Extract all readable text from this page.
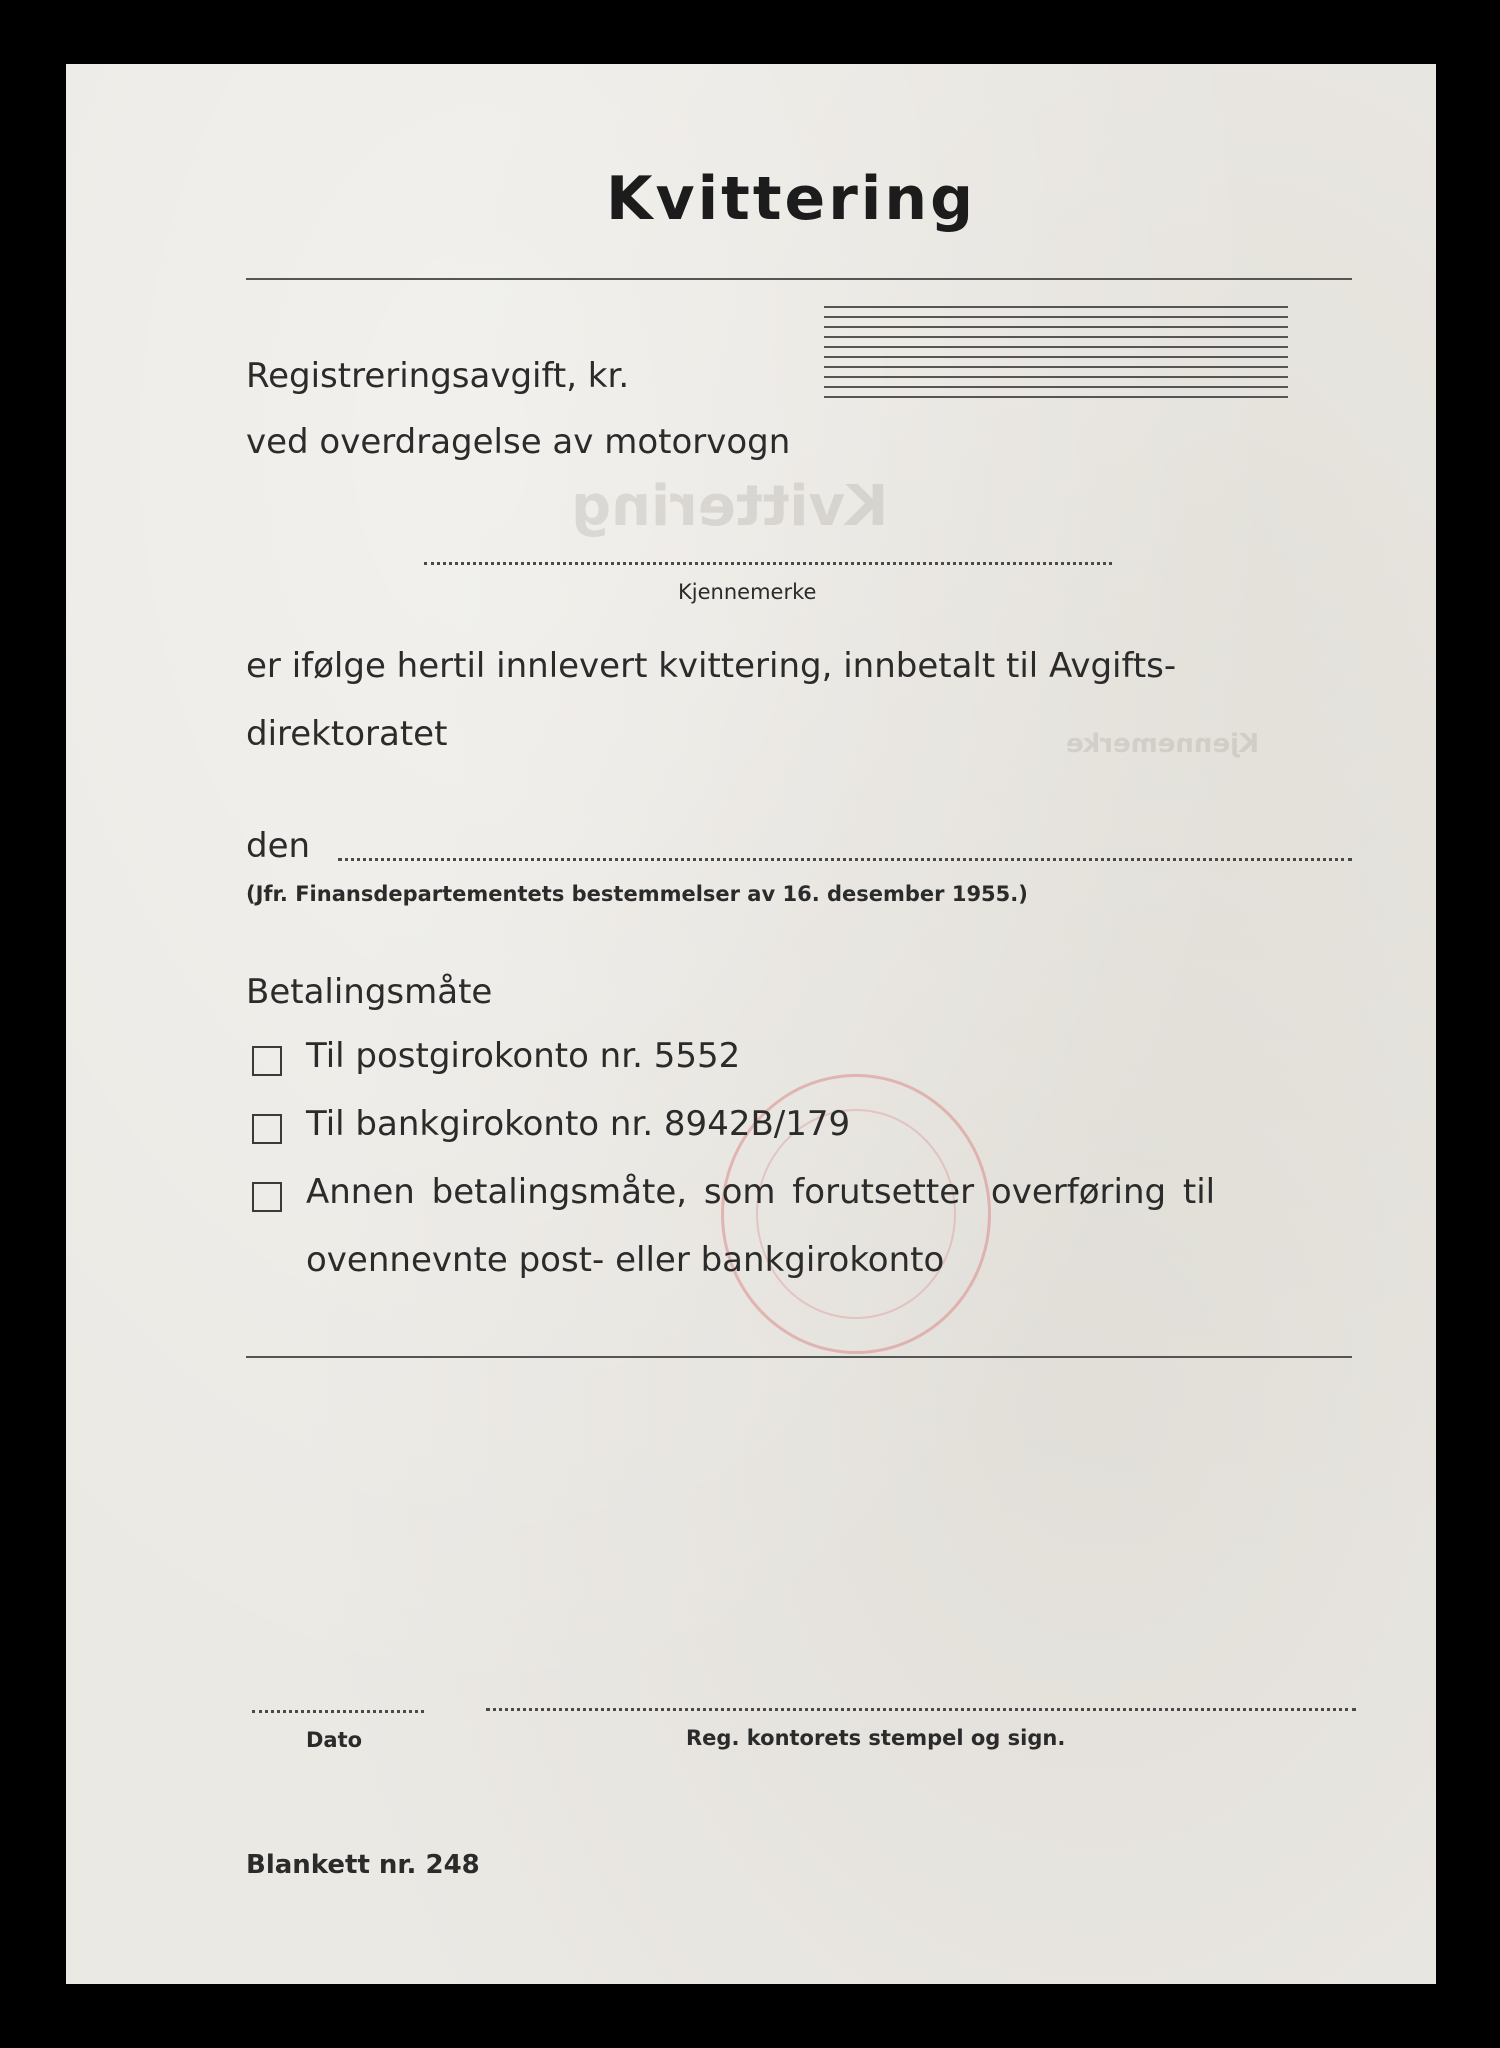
Kvittering
Kjennemerke
Kvittering
Registreringsavgift, kr.
ved overdragelse av motorvogn
Kjennemerke
er ifølge hertil innlevert kvittering, innbetalt til Avgifts-
direktoratet
den
(Jfr. Finansdepartementets bestemmelser av 16. desember 1955.)
Betalingsmåte
Til postgirokonto nr. 5552
Til bankgirokonto nr. 8942B/179
Annen betalingsmåte, som forutsetter overføring til
ovennevnte post- eller bankgirokonto
Dato	Reg. kontorets stempel og sign.
Blankett nr. 248
